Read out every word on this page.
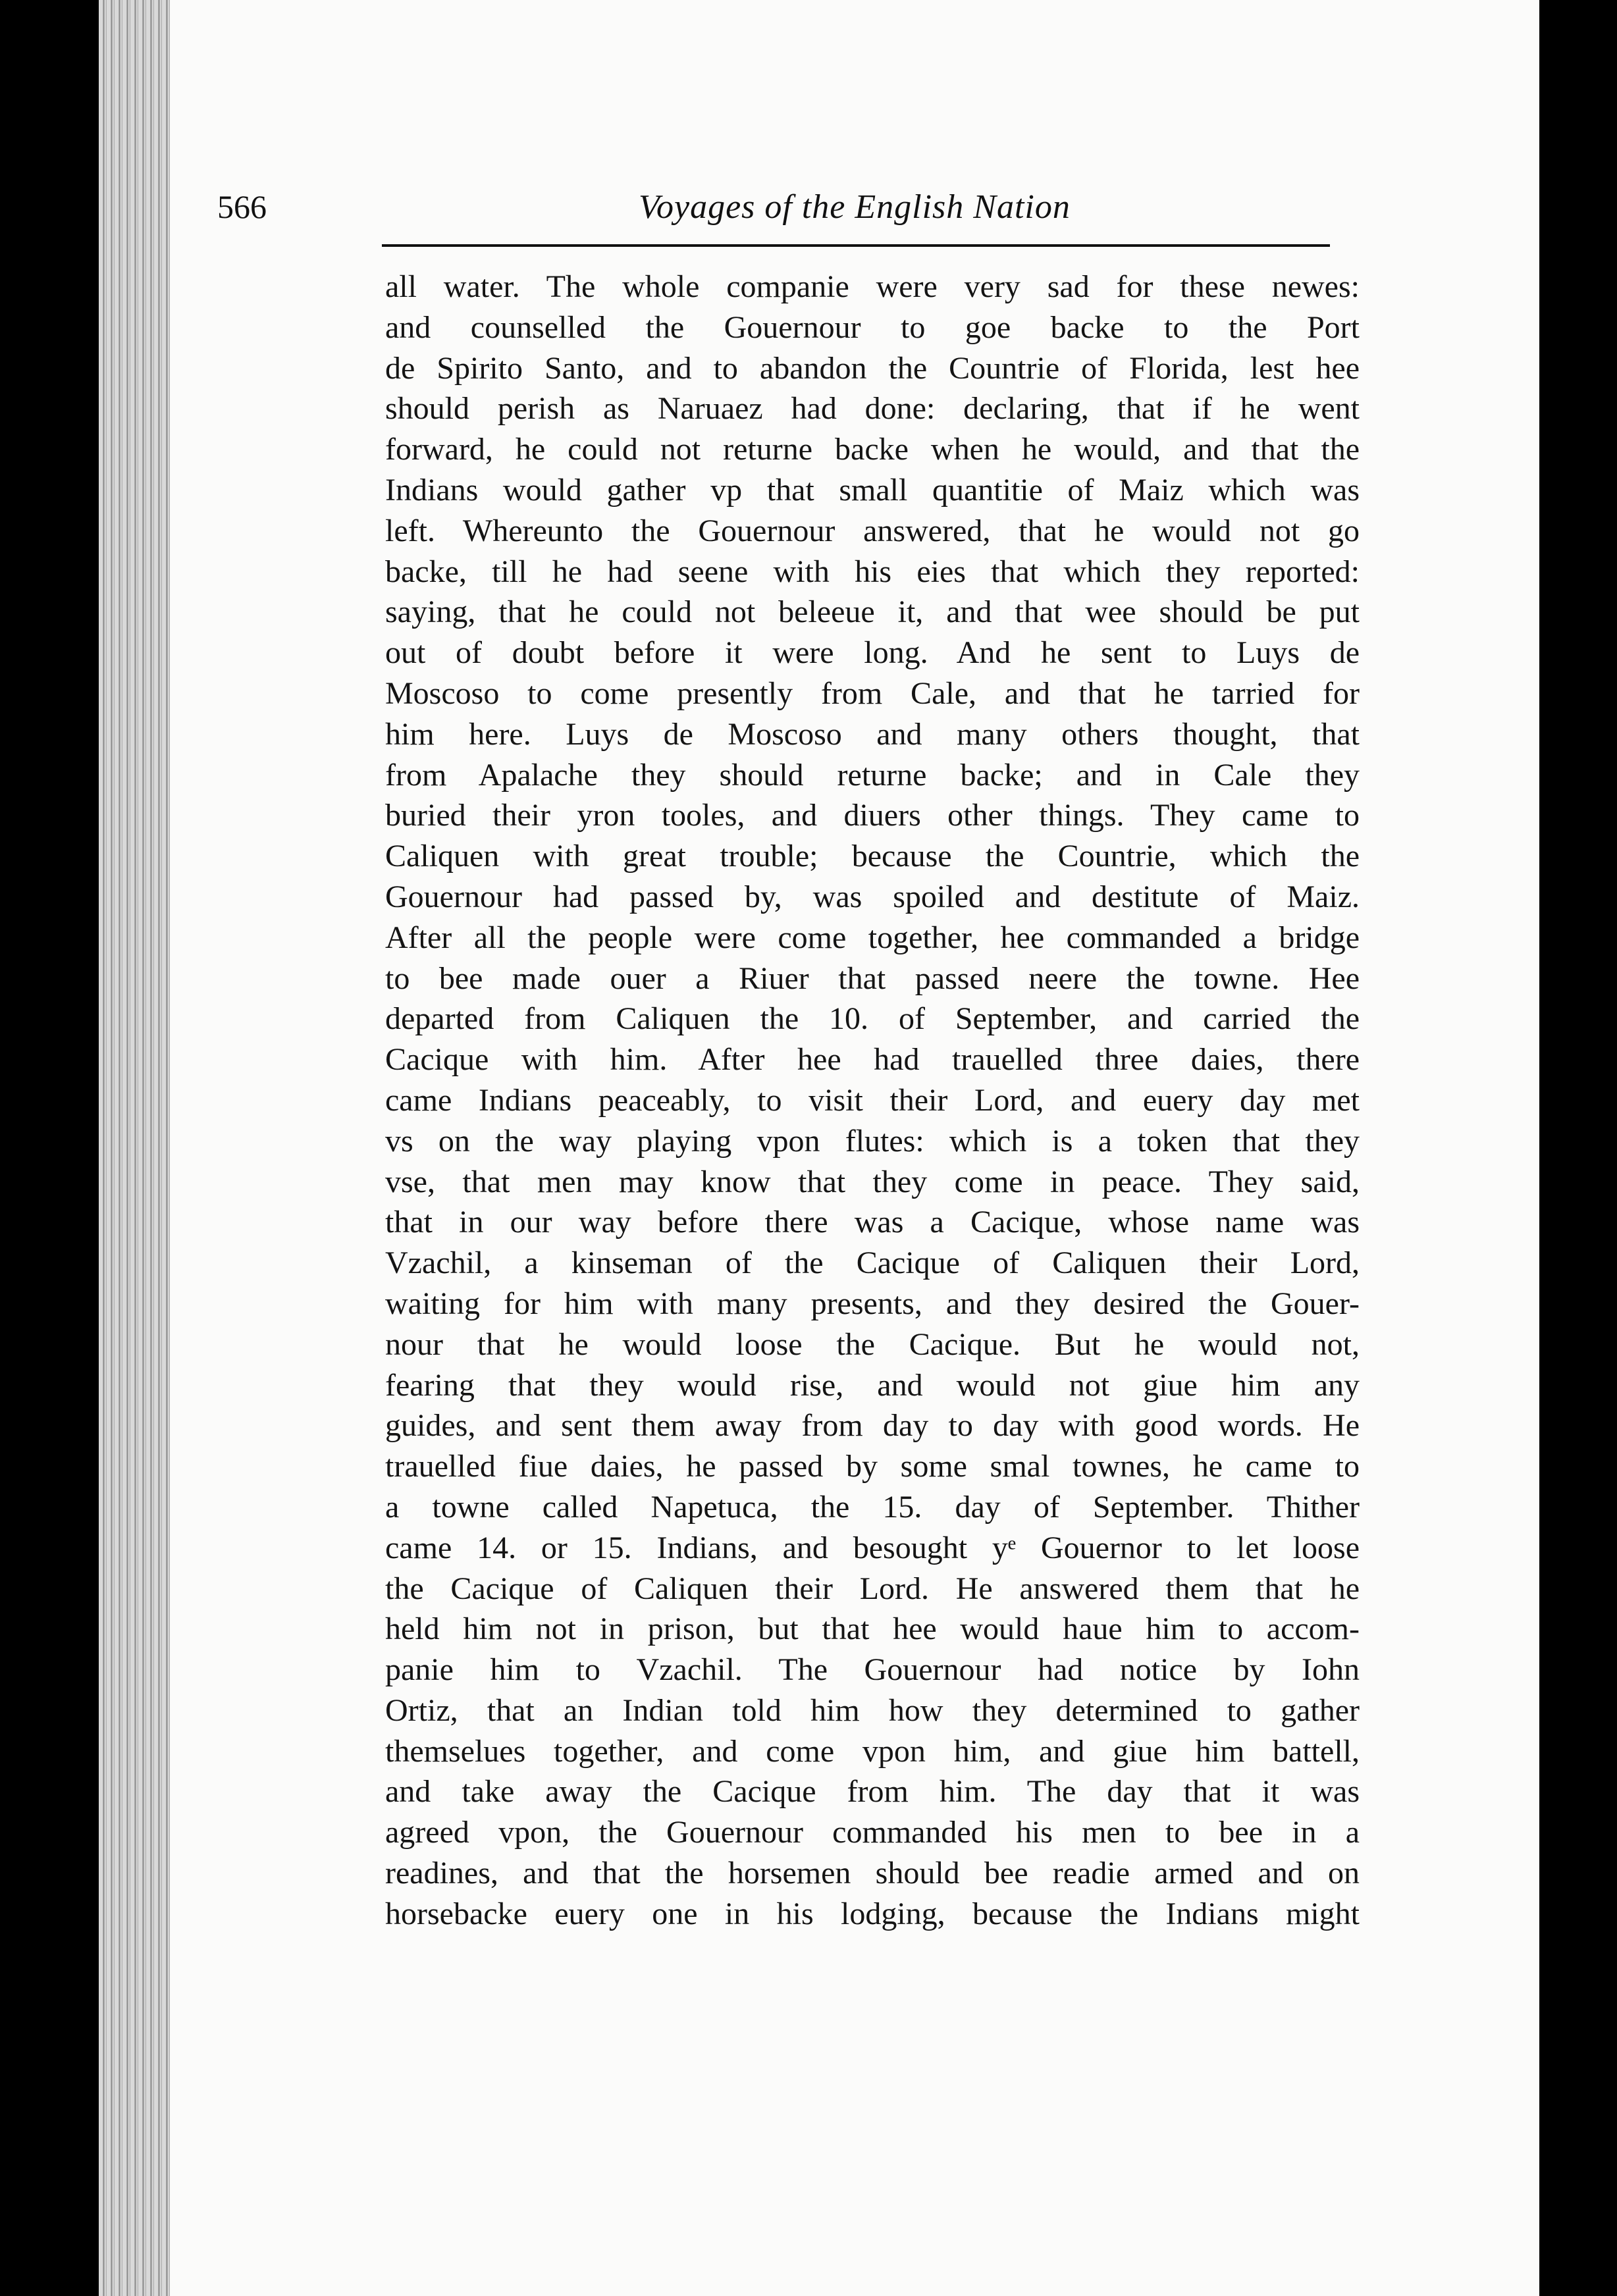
566	Voyages of the English Nation
all water. The whole companie were very sad for these newes:
and counselled the Gouernour to goe backe to the Port
de Spirito Santo, and to abandon the Countrie of Florida, lest hee
should perish as Naruaez had done: declaring, that if he went
forward, he could not returne backe when he would, and that the
Indians would gather vp that small quantitie of Maiz which was
left. Whereunto the Gouernour answered, that he would not go
backe, till he had seene with his eies that which they reported:
saying, that he could not beleeue it, and that wee should be put
out of doubt before it were long. And he sent to Luys de
Moscoso to come presently from Cale, and that he tarried for
him here. Luys de Moscoso and many others thought, that
from Apalache they should returne backe; and in Cale they
buried their yron tooles, and diuers other things. They came to
Caliquen with great trouble; because the Countrie, which the
Gouernour had passed by, was spoiled and destitute of Maiz.
After all the people were come together, hee commanded a bridge
to bee made ouer a Riuer that passed neere the towne. Hee
departed from Caliquen the 10. of September, and carried the
Cacique with him. After hee had trauelled three daies, there
came Indians peaceably, to visit their Lord, and euery day met
vs on the way playing vpon flutes: which is a token that they
vse, that men may know that they come in peace. They said,
that in our way before there was a Cacique, whose name was
Vzachil, a kinseman of the Cacique of Caliquen their Lord,
waiting for him with many presents, and they desired the Gouer-
nour that he would loose the Cacique. But he would not,
fearing that they would rise, and would not giue him any
guides, and sent them away from day to day with good words. He
trauelled fiue daies, he passed by some smal townes, he came to
a towne called Napetuca, the 15. day of September. Thither
came 14. or 15. Indians, and besought yᵉ Gouernor to let loose
the Cacique of Caliquen their Lord. He answered them that he
held him not in prison, but that hee would haue him to accom-
panie him to Vzachil. The Gouernour had notice by Iohn
Ortiz, that an Indian told him how they determined to gather
themselues together, and come vpon him, and giue him battell,
and take away the Cacique from him. The day that it was
agreed vpon, the Gouernour commanded his men to bee in a
readines, and that the horsemen should bee readie armed and on
horsebacke euery one in his lodging, because the Indians might
